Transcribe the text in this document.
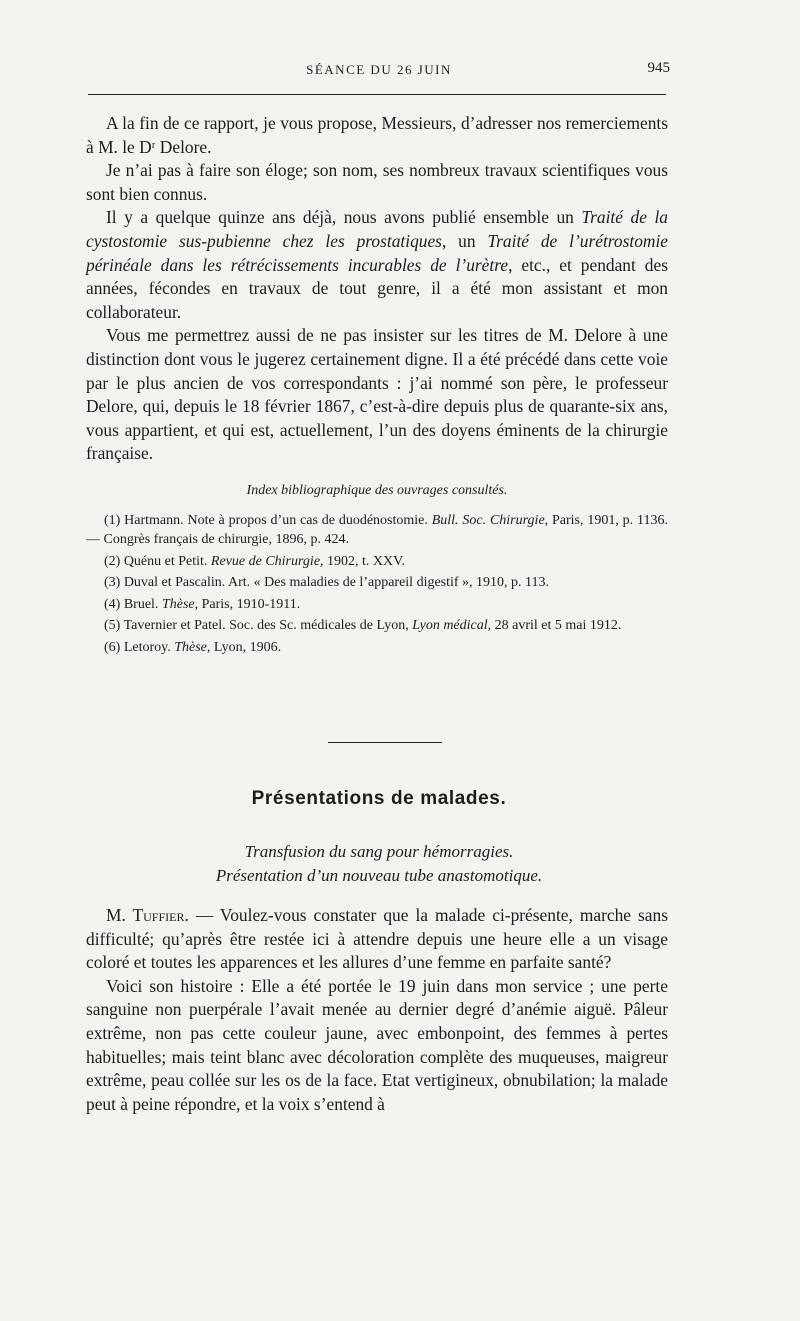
SÉANCE DU 26 JUIN	945

A la fin de ce rapport, je vous propose, Messieurs, d’adresser nos remerciements à M. le Dʳ Delore.

Je n’ai pas à faire son éloge; son nom, ses nombreux travaux scientifiques vous sont bien connus.

Il y a quelque quinze ans déjà, nous avons publié ensemble un Traité de la cystostomie sus-pubienne chez les prostatiques, un Traité de l’urétrostomie périnéale dans les rétrécissements incurables de l’urètre, etc., et pendant des années, fécondes en travaux de tout genre, il a été mon assistant et mon collaborateur.

Vous me permettrez aussi de ne pas insister sur les titres de M. Delore à une distinction dont vous le jugerez certainement digne. Il a été précédé dans cette voie par le plus ancien de vos correspondants : j’ai nommé son père, le professeur Delore, qui, depuis le 18 février 1867, c’est-à-dire depuis plus de quarante-six ans, vous appartient, et qui est, actuellement, l’un des doyens éminents de la chirurgie française.

Index bibliographique des ouvrages consultés.

(1) Hartmann. Note à propos d’un cas de duodénostomie. Bull. Soc. Chirurgie, Paris, 1901, p. 1136. — Congrès français de chirurgie, 1896, p. 424.

(2) Quénu et Petit. Revue de Chirurgie, 1902, t. XXV.

(3) Duval et Pascalin. Art. « Des maladies de l’appareil digestif », 1910, p. 113.

(4) Bruel. Thèse, Paris, 1910-1911.

(5) Tavernier et Patel. Soc. des Sc. médicales de Lyon, Lyon médical, 28 avril et 5 mai 1912.

(6) Letoroy. Thèse, Lyon, 1906.

Présentations de malades.
Transfusion du sang pour hémorragies.
Présentation d’un nouveau tube anastomotique.

M. Tuffier. — Voulez-vous constater que la malade ci-présente, marche sans difficulté; qu’après être restée ici à attendre depuis une heure elle a un visage coloré et toutes les apparences et les allures d’une femme en parfaite santé?

Voici son histoire : Elle a été portée le 19 juin dans mon service ; une perte sanguine non puerpérale l’avait menée au dernier degré d’anémie aiguë. Pâleur extrême, non pas cette couleur jaune, avec embonpoint, des femmes à pertes habituelles; mais teint blanc avec décoloration complète des muqueuses, maigreur extrême, peau collée sur les os de la face. Etat vertigineux, obnubilation; la malade peut à peine répondre, et la voix s’entend à
